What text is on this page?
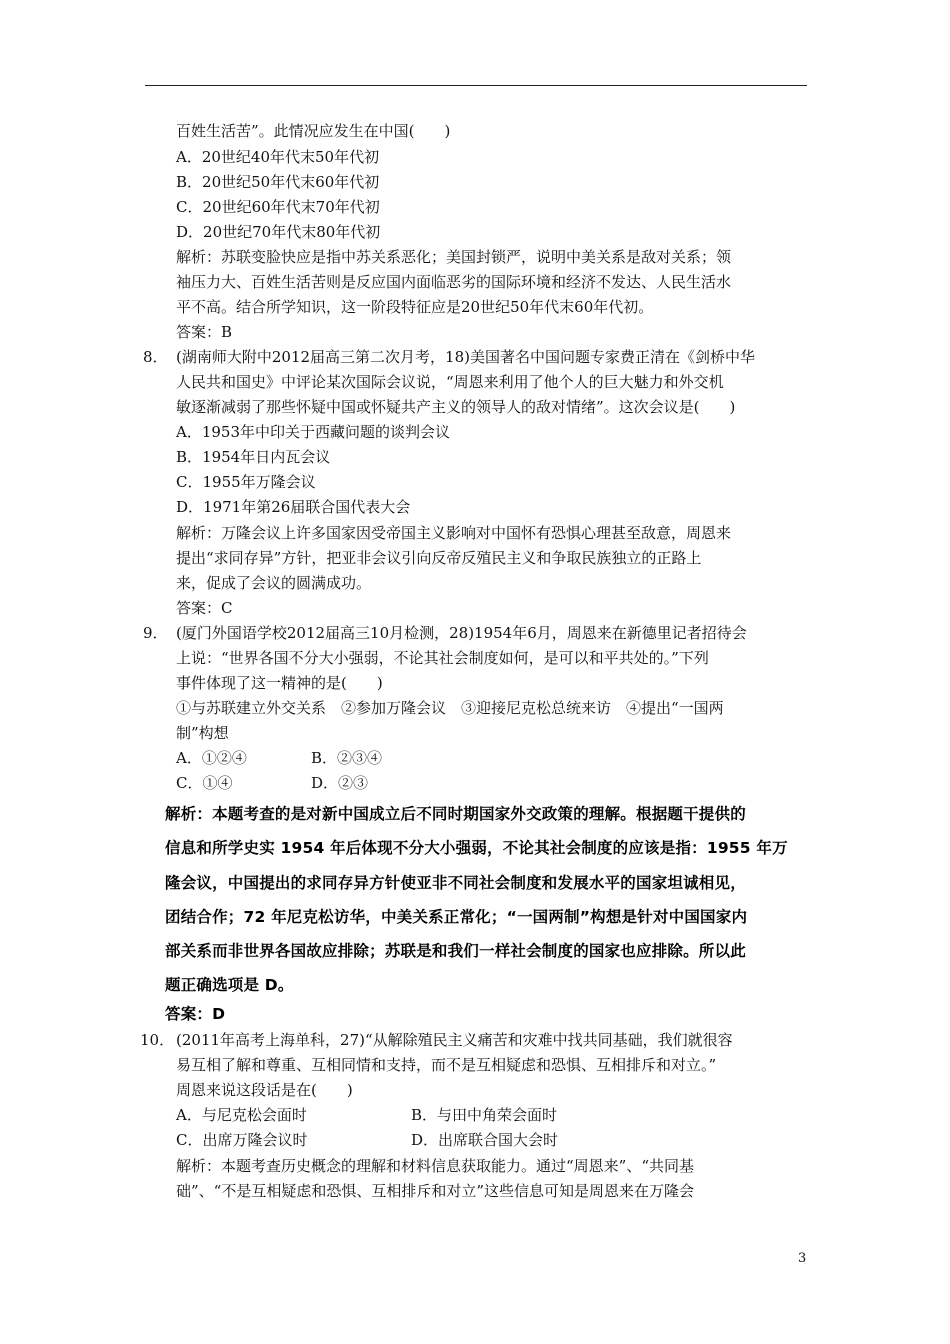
百姓生活苦”。此情况应发生在中国(　　)
A．20世纪40年代末50年代初
B．20世纪50年代末60年代初
C．20世纪60年代末70年代初
D．20世纪70年代末80年代初
解析：苏联变脸快应是指中苏关系恶化；美国封锁严，说明中美关系是敌对关系；领
袖压力大、百姓生活苦则是反应国内面临恶劣的国际环境和经济不发达、人民生活水
平不高。结合所学知识，这一阶段特征应是20世纪50年代末60年代初。
答案：B
8． (湖南师大附中2012届高三第二次月考，18)美国著名中国问题专家费正清在《剑桥中华
人民共和国史》中评论某次国际会议说，“周恩来利用了他个人的巨大魅力和外交机
敏逐渐减弱了那些怀疑中国或怀疑共产主义的领导人的敌对情绪”。这次会议是(　　)
A．1953年中印关于西藏问题的谈判会议
B．1954年日内瓦会议
C．1955年万隆会议
D．1971年第26届联合国代表大会
解析：万隆会议上许多国家因受帝国主义影响对中国怀有恐惧心理甚至敌意，周恩来
提出“求同存异”方针，把亚非会议引向反帝反殖民主义和争取民族独立的正路上
来，促成了会议的圆满成功。
答案：C
9． (厦门外国语学校2012届高三10月检测，28)1954年6月，周恩来在新德里记者招待会
上说：“世界各国不分大小强弱，不论其社会制度如何，是可以和平共处的。”下列
事件体现了这一精神的是(　　)
①与苏联建立外交关系　②参加万隆会议　③迎接尼克松总统来访　④提出“一国两
制”构想
A．①②④	B．②③④
C．①④	D．②③
解析：本题考查的是对新中国成立后不同时期国家外交政策的理解。根据题干提供的
信息和所学史实 1954 年后体现不分大小强弱，不论其社会制度的应该是指：1955 年万
隆会议，中国提出的求同存异方针使亚非不同社会制度和发展水平的国家坦诚相见，
团结合作；72 年尼克松访华，中美关系正常化；“一国两制”构想是针对中国国家内
部关系而非世界各国故应排除；苏联是和我们一样社会制度的国家也应排除。所以此
题正确选项是 D。
答案：D
10． (2011年高考上海单科，27)“从解除殖民主义痛苦和灾难中找共同基础，我们就很容
易互相了解和尊重、互相同情和支持，而不是互相疑虑和恐惧、互相排斥和对立。”
周恩来说这段话是在(　　)
A．与尼克松会面时	B．与田中角荣会面时
C．出席万隆会议时	D．出席联合国大会时
解析：本题考查历史概念的理解和材料信息获取能力。通过“周恩来”、“共同基
础”、“不是互相疑虑和恐惧、互相排斥和对立”这些信息可知是周恩来在万隆会
3
